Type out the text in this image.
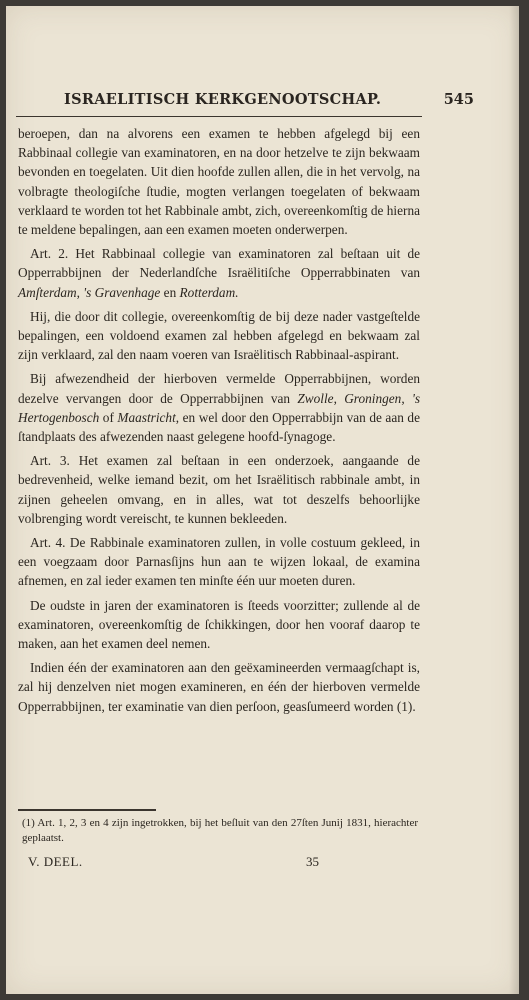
ISRAELITISCH KERKGENOOTSCHAP.	545

beroepen, dan na alvorens een examen te hebben afgelegd bij een Rabbinaal collegie van examinatoren, en na door hetzelve te zijn bekwaam bevonden en toegelaten. Uit dien hoofde zullen allen, die in het vervolg, na volbragte theologiſche ſtudie, mogten verlangen toegelaten of bekwaam verklaard te worden tot het Rabbinale ambt, zich, overeenkomſtig de hierna te meldene bepalingen, aan een examen moeten onderwerpen.

Art. 2. Het Rabbinaal collegie van examinatoren zal beſtaan uit de Opperrabbijnen der Nederlandſche Israëlitiſche Opperrabbinaten van Amſterdam, 's Gravenhage en Rotterdam.

Hij, die door dit collegie, overeenkomſtig de bij deze nader vastgeſtelde bepalingen, een voldoend examen zal hebben afgelegd en bekwaam zal zijn verklaard, zal den naam voeren van Israëlitisch Rabbinaal-aspirant.

Bij afwezendheid der hierboven vermelde Opperrabbijnen, worden dezelve vervangen door de Opperrabbijnen van Zwolle, Groningen, 's Hertogenbosch of Maastricht, en wel door den Opperrabbijn van de aan de ſtandplaats des afwezenden naast gelegene hoofd-ſynagoge.

Art. 3. Het examen zal beſtaan in een onderzoek, aangaande de bedrevenheid, welke iemand bezit, om het Israëlitisch rabbinale ambt, in zijnen geheelen omvang, en in alles, wat tot deszelfs behoorlijke volbrenging wordt vereischt, te kunnen bekleeden.

Art. 4. De Rabbinale examinatoren zullen, in volle costuum gekleed, in een voegzaam door Parnasſijns hun aan te wijzen lokaal, de examina afnemen, en zal ieder examen ten minſte één uur moeten duren.

De oudste in jaren der examinatoren is ſteeds voorzitter; zullende al de examinatoren, overeenkomſtig de ſchikkingen, door hen vooraf daarop te maken, aan het examen deel nemen.

Indien één der examinatoren aan den geëxamineerden vermaagſchapt is, zal hij denzelven niet mogen examineren, en één der hierboven vermelde Opperrabbijnen, ter examinatie van dien perſoon, geasſumeerd worden (1).

(1) Art. 1, 2, 3 en 4 zijn ingetrokken, bij het beſluit van den 27ſten Junij 1831, hierachter geplaatst.
V. DEEL.	35
